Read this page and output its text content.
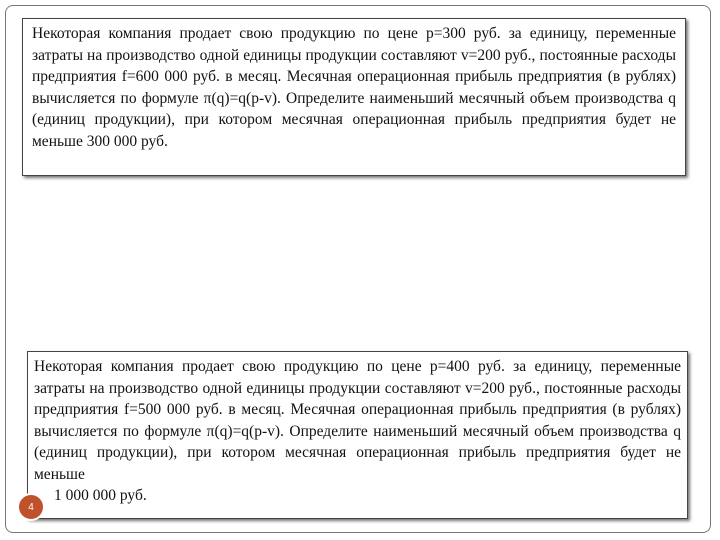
Некоторая компания продает свою продукцию по цене p=300 руб. за единицу, переменные затраты на производство одной единицы продукции составляют v=200 руб., постоянные расходы предприятия f=600 000 руб. в месяц. Месячная операционная прибыль предприятия (в рублях) вычисляется по формуле π(q)=q(p-v). Определите наименьший месячный объем производства q (единиц продукции), при котором месячная операционная прибыль предприятия будет не меньше 300 000 руб.

Некоторая компания продает свою продукцию по цене p=400 руб. за единицу, переменные затраты на производство одной единицы продукции составляют v=200 руб., постоянные расходы предприятия f=500 000 руб. в месяц. Месячная операционная прибыль предприятия (в рублях) вычисляется по формуле π(q)=q(p-v). Определите наименьший месячный объем производства q (единиц продукции), при котором месячная операционная прибыль предприятия будет не меньше

1 000 000 руб.

4
